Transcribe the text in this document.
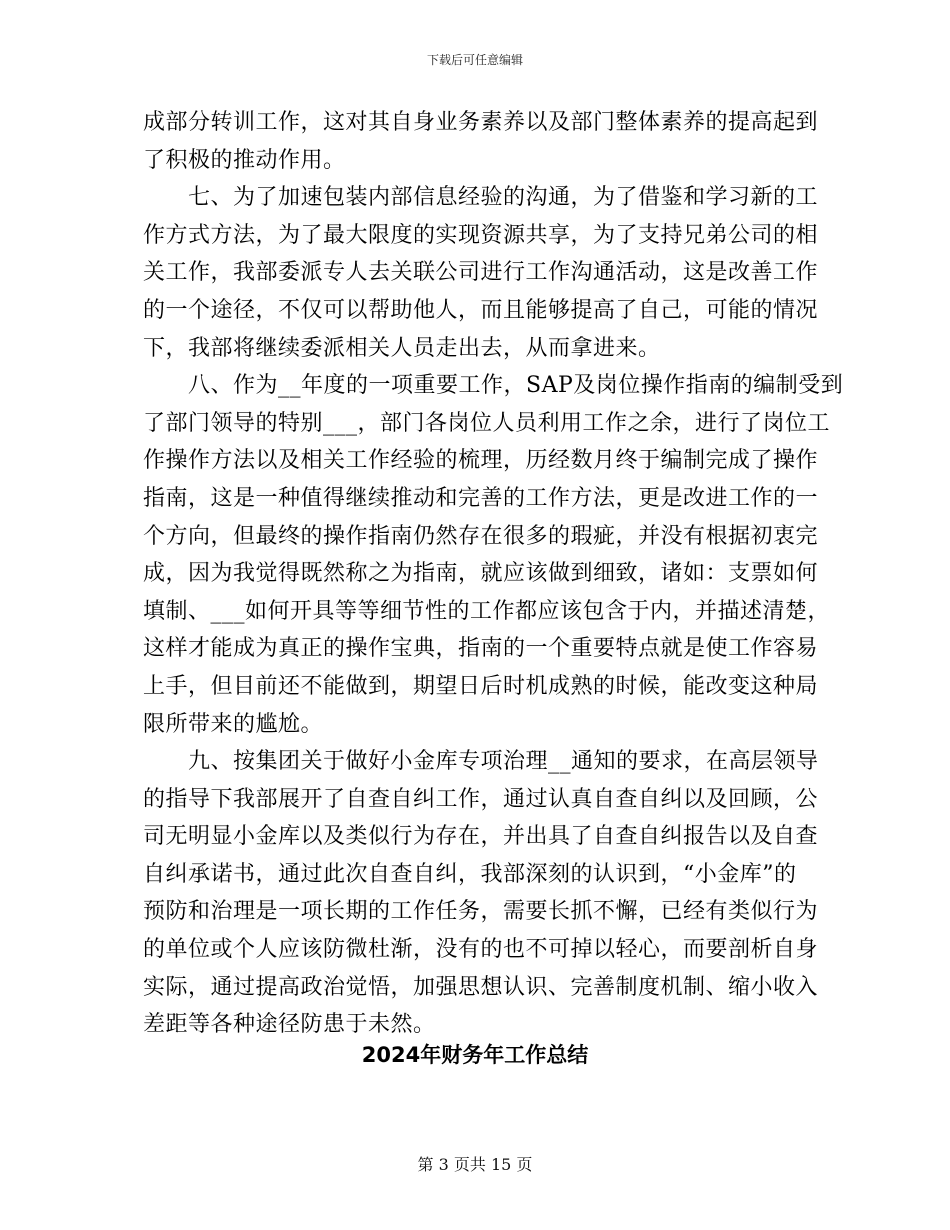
下载后可任意编辑
成部分转训工作，这对其自身业务素养以及部门整体素养的提高起到
了积极的推动作用。
　　七、为了加速包装内部信息经验的沟通，为了借鉴和学习新的工
作方式方法，为了最大限度的实现资源共享，为了支持兄弟公司的相
关工作，我部委派专人去关联公司进行工作沟通活动，这是改善工作
的一个途径，不仅可以帮助他人，而且能够提高了自己，可能的情况
下，我部将继续委派相关人员走出去，从而拿进来。
　　八、作为__年度的一项重要工作，SAP及岗位操作指南的编制受到
了部门领导的特别___，部门各岗位人员利用工作之余，进行了岗位工
作操作方法以及相关工作经验的梳理，历经数月终于编制完成了操作
指南，这是一种值得继续推动和完善的工作方法，更是改进工作的一
个方向，但最终的操作指南仍然存在很多的瑕疵，并没有根据初衷完
成，因为我觉得既然称之为指南，就应该做到细致，诸如：支票如何
填制、___如何开具等等细节性的工作都应该包含于内，并描述清楚，
这样才能成为真正的操作宝典，指南的一个重要特点就是使工作容易
上手，但目前还不能做到，期望日后时机成熟的时候，能改变这种局
限所带来的尴尬。
　　九、按集团关于做好小金库专项治理__通知的要求，在高层领导
的指导下我部展开了自查自纠工作，通过认真自查自纠以及回顾，公
司无明显小金库以及类似行为存在，并出具了自查自纠报告以及自查
自纠承诺书，通过此次自查自纠，我部深刻的认识到，“小金库”的
预防和治理是一项长期的工作任务，需要长抓不懈，已经有类似行为
的单位或个人应该防微杜渐，没有的也不可掉以轻心，而要剖析自身
实际，通过提高政治觉悟，加强思想认识、完善制度机制、缩小收入
差距等各种途径防患于未然。
2024年财务年工作总结
第 3 页共 15 页
